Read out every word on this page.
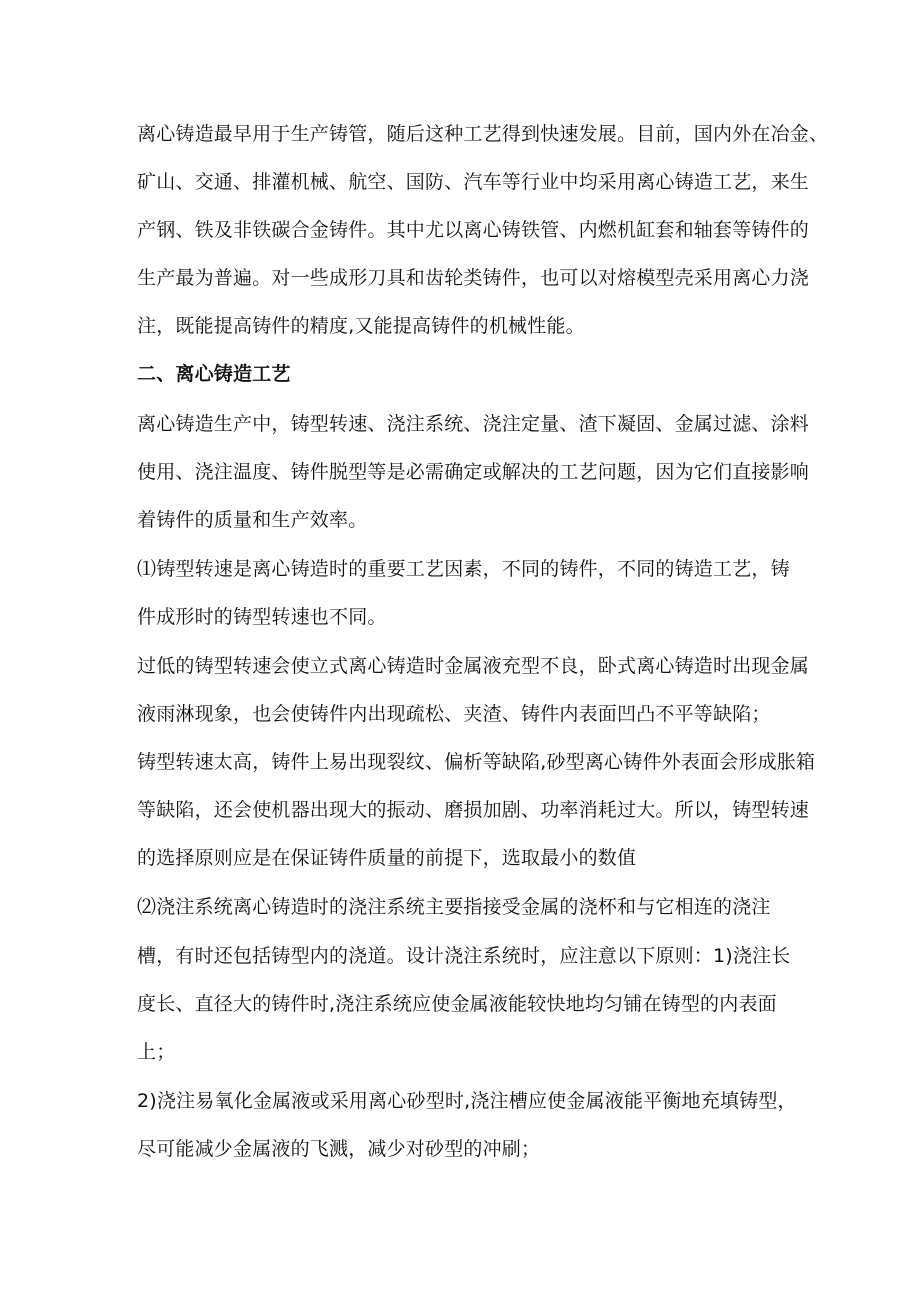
离心铸造最早用于生产铸管，随后这种工艺得到快速发展。目前，国内外在冶金、
矿山、交通、排灌机械、航空、国防、汽车等行业中均采用离心铸造工艺，来生
产钢、铁及非铁碳合金铸件。其中尤以离心铸铁管、内燃机缸套和轴套等铸件的
生产最为普遍。对一些成形刀具和齿轮类铸件，也可以对熔模型壳采用离心力浇
注，既能提高铸件的精度,又能提高铸件的机械性能。
二、离心铸造工艺
离心铸造生产中，铸型转速、浇注系统、浇注定量、渣下凝固、金属过滤、涂料
使用、浇注温度、铸件脱型等是必需确定或解决的工艺问题，因为它们直接影响
着铸件的质量和生产效率。
⑴铸型转速是离心铸造时的重要工艺因素，不同的铸件，不同的铸造工艺，铸
件成形时的铸型转速也不同。
过低的铸型转速会使立式离心铸造时金属液充型不良，卧式离心铸造时出现金属
液雨淋现象，也会使铸件内出现疏松、夹渣、铸件内表面凹凸不平等缺陷；
铸型转速太高，铸件上易出现裂纹、偏析等缺陷,砂型离心铸件外表面会形成胀箱
等缺陷，还会使机器出现大的振动、磨损加剧、功率消耗过大。所以，铸型转速
的选择原则应是在保证铸件质量的前提下，选取最小的数值
⑵浇注系统离心铸造时的浇注系统主要指接受金属的浇杯和与它相连的浇注
槽，有时还包括铸型内的浇道。设计浇注系统时，应注意以下原则：1)浇注长
度长、直径大的铸件时,浇注系统应使金属液能较快地均匀铺在铸型的内表面
上；
2)浇注易氧化金属液或采用离心砂型时,浇注槽应使金属液能平衡地充填铸型，
尽可能减少金属液的飞溅，减少对砂型的冲刷；
